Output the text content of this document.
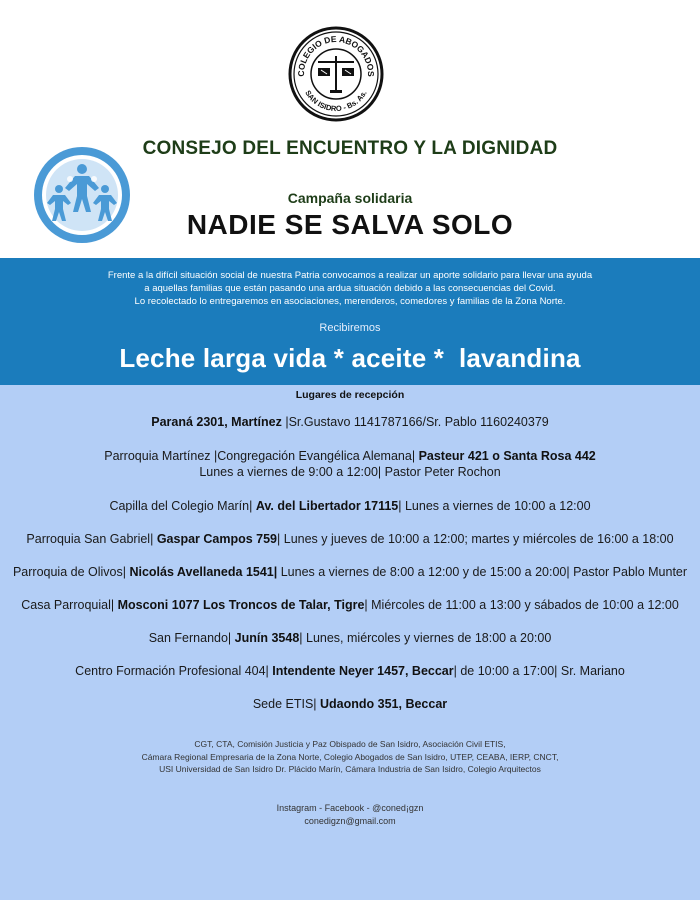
COLEGIO DE ABOGADOS
SAN ISIDRO - Bs. As.
CONSEJO DEL ENCUENTRO Y LA DIGNIDAD
Campaña solidaria
NADIE SE SALVA SOLO
Frente a la difícil situación social de nuestra Patria convocamos a realizar un aporte solidario para llevar una ayuda
a aquellas familias que están pasando una ardua situación debido a las consecuencias del Covid.
Lo recolectado lo entregaremos en asociaciones, merenderos, comedores y familias de la Zona Norte.
Recibiremos
Leche larga vida * aceite *  lavandina
Lugares de recepción
Paraná 2301, Martínez |Sr.Gustavo 1141787166/Sr. Pablo 1160240379
Parroquia Martínez |Congregación Evangélica Alemana| Pasteur 421 o Santa Rosa 442
Lunes a viernes de 9:00 a 12:00| Pastor Peter Rochon
Capilla del Colegio Marín| Av. del Libertador 17115| Lunes a viernes de 10:00 a 12:00
Parroquia San Gabriel| Gaspar Campos 759| Lunes y jueves de 10:00 a 12:00; martes y miércoles de 16:00 a 18:00
Parroquia de Olivos| Nicolás Avellaneda 1541| Lunes a viernes de 8:00 a 12:00 y de 15:00 a 20:00| Pastor Pablo Munter
Casa Parroquial| Mosconi 1077 Los Troncos de Talar, Tigre| Miércoles de 11:00 a 13:00 y sábados de 10:00 a 12:00
San Fernando| Junín 3548| Lunes, miércoles y viernes de 18:00 a 20:00
Centro Formación Profesional 404| Intendente Neyer 1457, Beccar| de 10:00 a 17:00| Sr. Mariano
Sede ETIS| Udaondo 351, Beccar
CGT, CTA, Comisión Justicia y Paz Obispado de San Isidro, Asociación Civil ETIS,
Cámara Regional Empresaria de la Zona Norte, Colegio Abogados de San Isidro, UTEP, CEABA, IERP, CNCT,
USI Universidad de San Isidro Dr. Plácido Marín, Cámara Industria de San Isidro, Colegio Arquitectos
Instagram - Facebook - @coned¡gzn
conedigzn@gmail.com
